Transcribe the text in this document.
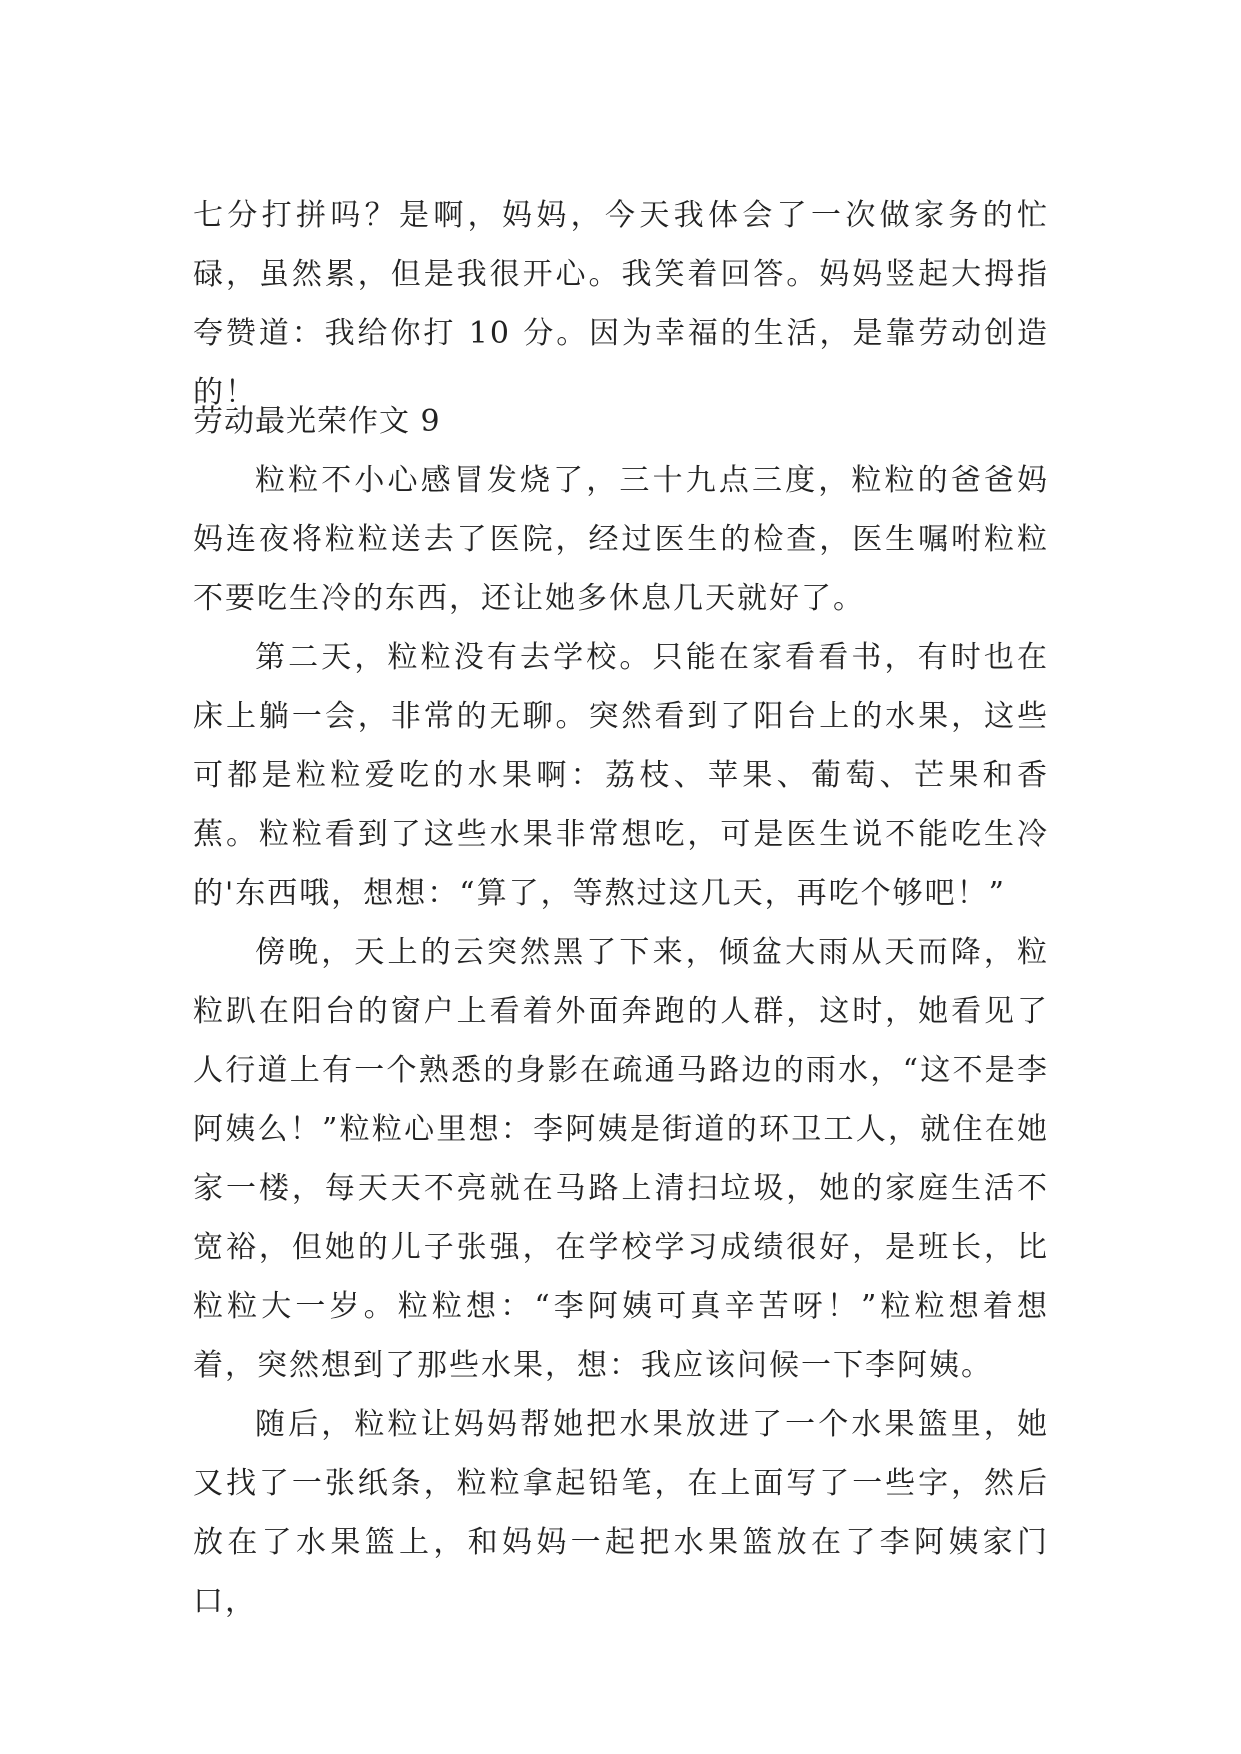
七分打拼吗？是啊，妈妈，今天我体会了一次做家务的忙碌，虽然累，但是我很开心。我笑着回答。妈妈竖起大拇指夸赞道：我给你打 10 分。因为幸福的生活，是靠劳动创造的！

劳动最光荣作文 9

粒粒不小心感冒发烧了，三十九点三度，粒粒的爸爸妈妈连夜将粒粒送去了医院，经过医生的检查，医生嘱咐粒粒不要吃生冷的东西，还让她多休息几天就好了。

第二天，粒粒没有去学校。只能在家看看书，有时也在床上躺一会，非常的无聊。突然看到了阳台上的水果，这些可都是粒粒爱吃的水果啊：荔枝、苹果、葡萄、芒果和香蕉。粒粒看到了这些水果非常想吃，可是医生说不能吃生冷的'东西哦，想想：“算了，等熬过这几天，再吃个够吧！”

傍晚，天上的云突然黑了下来，倾盆大雨从天而降，粒粒趴在阳台的窗户上看着外面奔跑的人群，这时，她看见了人行道上有一个熟悉的身影在疏通马路边的雨水，“这不是李阿姨么！”粒粒心里想：李阿姨是街道的环卫工人，就住在她家一楼，每天天不亮就在马路上清扫垃圾，她的家庭生活不宽裕，但她的儿子张强，在学校学习成绩很好，是班长，比粒粒大一岁。粒粒想：“李阿姨可真辛苦呀！”粒粒想着想着，突然想到了那些水果，想：我应该问候一下李阿姨。

随后，粒粒让妈妈帮她把水果放进了一个水果篮里，她又找了一张纸条，粒粒拿起铅笔，在上面写了一些字，然后放在了水果篮上，和妈妈一起把水果篮放在了李阿姨家门口，
